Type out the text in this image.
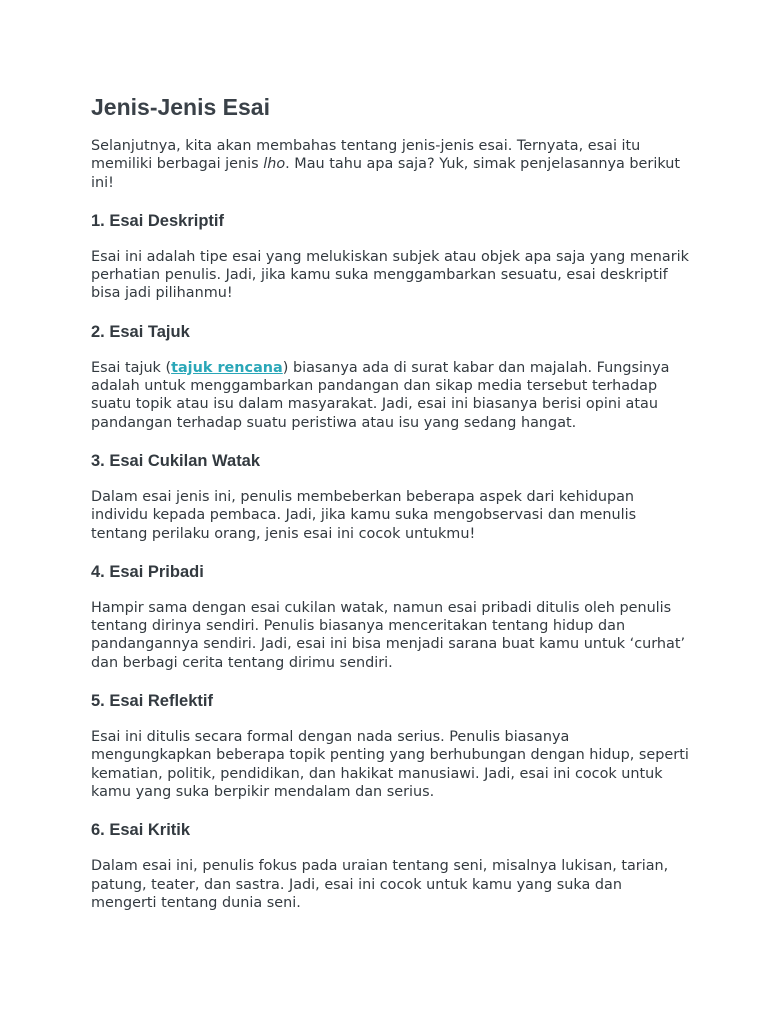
Jenis-Jenis Esai

Selanjutnya, kita akan membahas tentang jenis-jenis esai. Ternyata, esai itu memiliki berbagai jenis lho. Mau tahu apa saja? Yuk, simak penjelasannya berikut ini!

1. Esai Deskriptif

Esai ini adalah tipe esai yang melukiskan subjek atau objek apa saja yang menarik perhatian penulis. Jadi, jika kamu suka menggambarkan sesuatu, esai deskriptif bisa jadi pilihanmu!

2. Esai Tajuk

Esai tajuk (tajuk rencana) biasanya ada di surat kabar dan majalah. Fungsinya adalah untuk menggambarkan pandangan dan sikap media tersebut terhadap suatu topik atau isu dalam masyarakat. Jadi, esai ini biasanya berisi opini atau pandangan terhadap suatu peristiwa atau isu yang sedang hangat.

3. Esai Cukilan Watak

Dalam esai jenis ini, penulis membeberkan beberapa aspek dari kehidupan individu kepada pembaca. Jadi, jika kamu suka mengobservasi dan menulis tentang perilaku orang, jenis esai ini cocok untukmu!

4. Esai Pribadi

Hampir sama dengan esai cukilan watak, namun esai pribadi ditulis oleh penulis tentang dirinya sendiri. Penulis biasanya menceritakan tentang hidup dan pandangannya sendiri. Jadi, esai ini bisa menjadi sarana buat kamu untuk ‘curhat’ dan berbagi cerita tentang dirimu sendiri.

5. Esai Reflektif

Esai ini ditulis secara formal dengan nada serius. Penulis biasanya mengungkapkan beberapa topik penting yang berhubungan dengan hidup, seperti kematian, politik, pendidikan, dan hakikat manusiawi. Jadi, esai ini cocok untuk kamu yang suka berpikir mendalam dan serius.

6. Esai Kritik

Dalam esai ini, penulis fokus pada uraian tentang seni, misalnya lukisan, tarian, patung, teater, dan sastra. Jadi, esai ini cocok untuk kamu yang suka dan mengerti tentang dunia seni.
